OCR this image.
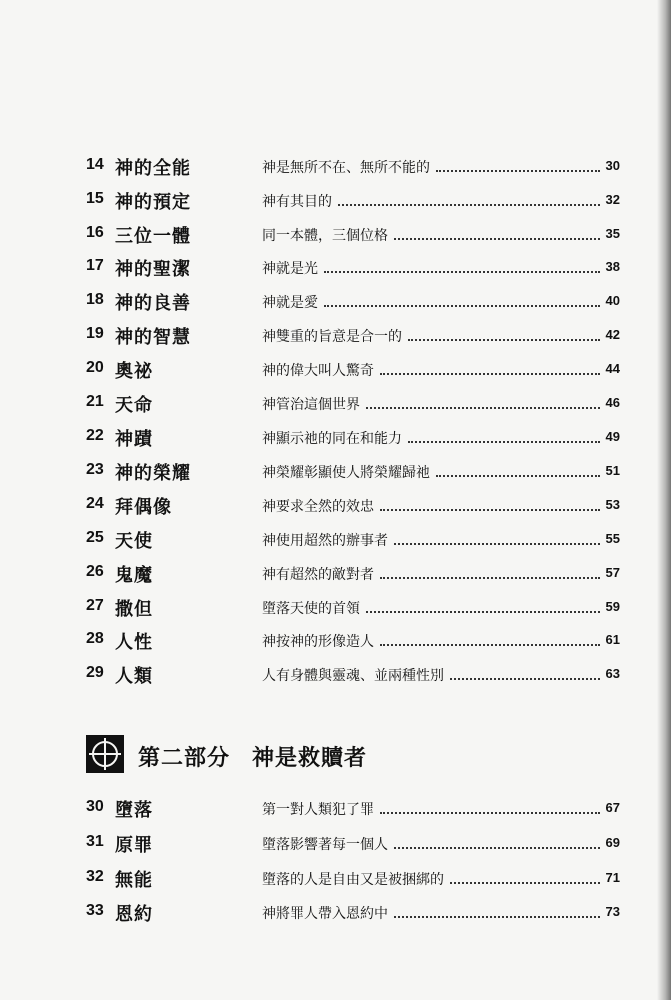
14 神的全能	神是無所不在、無所不能的	30
15 神的預定	神有其目的	32
16 三位一體	同一本體，三個位格	35
17 神的聖潔	神就是光	38
18 神的良善	神就是愛	40
19 神的智慧	神雙重的旨意是合一的	42
20 奧祕	神的偉大叫人驚奇	44
21 天命	神管治這個世界	46
22 神蹟	神顯示祂的同在和能力	49
23 神的榮耀	神榮耀彰顯使人將榮耀歸祂	51
24 拜偶像	神要求全然的效忠	53
25 天使	神使用超然的辦事者	55
26 鬼魔	神有超然的敵對者	57
27 撒但	墮落天使的首領	59
28 人性	神按神的形像造人	61
29 人類	人有身體與靈魂、並兩種性別	63
第二部分 神是救贖者
30 墮落	第一對人類犯了罪	67
31 原罪	墮落影響著每一個人	69
32 無能	墮落的人是自由又是被捆綁的	71
33 恩約	神將罪人帶入恩約中	73
